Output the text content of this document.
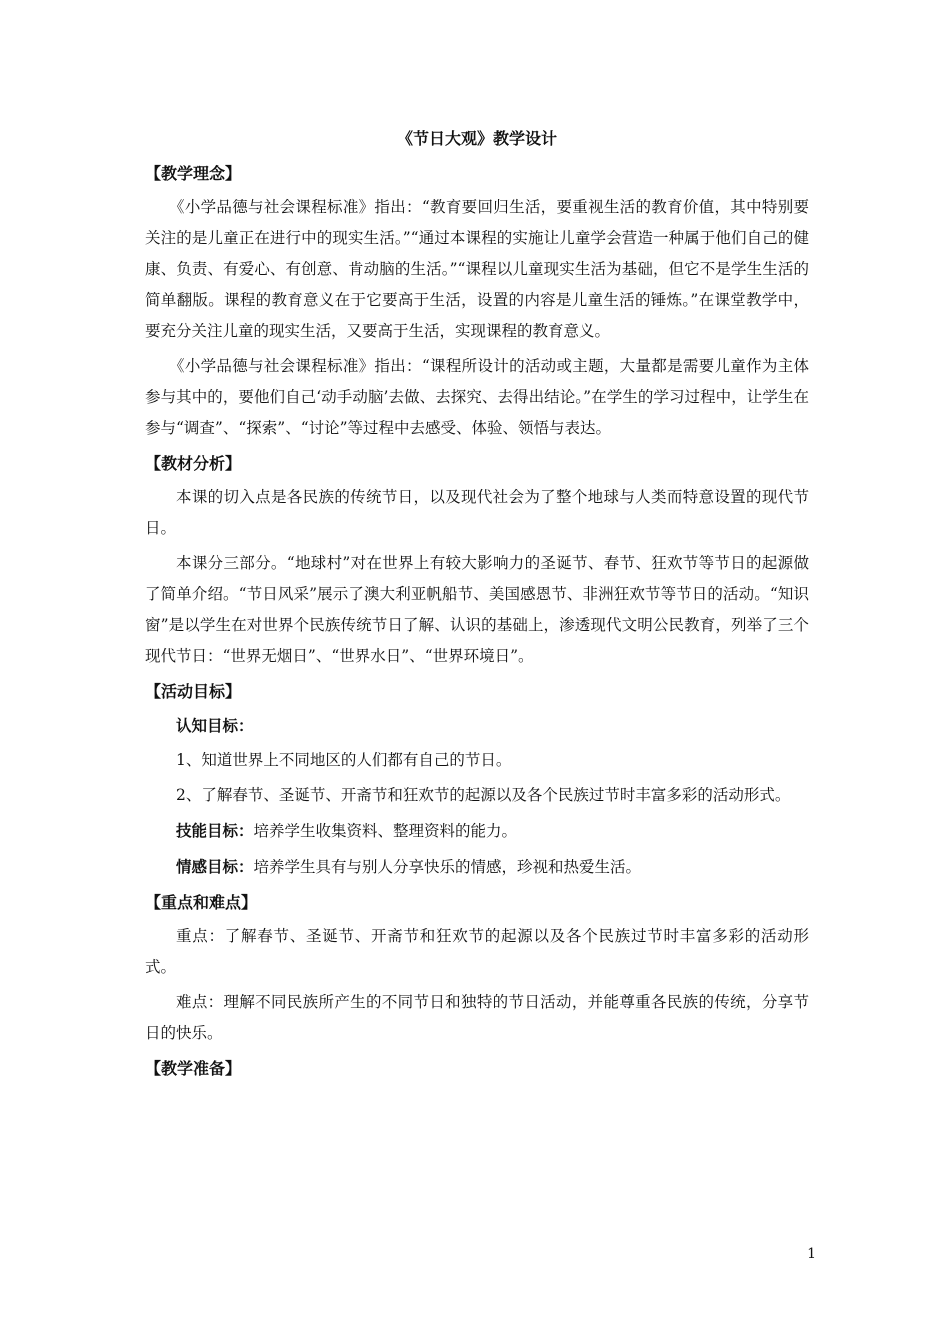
《节日大观》教学设计
【教学理念】
《小学品德与社会课程标准》指出：“教育要回归生活，要重视生活的教育价值，其中特别要关注的是儿童正在进行中的现实生活。”“通过本课程的实施让儿童学会营造一种属于他们自己的健康、负责、有爱心、有创意、肯动脑的生活。”“课程以儿童现实生活为基础，但它不是学生生活的简单翻版。课程的教育意义在于它要高于生活，设置的内容是儿童生活的锤炼。”在课堂教学中，要充分关注儿童的现实生活，又要高于生活，实现课程的教育意义。
《小学品德与社会课程标准》指出：“课程所设计的活动或主题，大量都是需要儿童作为主体参与其中的，要他们自己‘动手动脑’去做、去探究、去得出结论。”在学生的学习过程中，让学生在参与“调查”、“探索”、“讨论”等过程中去感受、体验、领悟与表达。
【教材分析】
本课的切入点是各民族的传统节日，以及现代社会为了整个地球与人类而特意设置的现代节日。
本课分三部分。“地球村”对在世界上有较大影响力的圣诞节、春节、狂欢节等节日的起源做了简单介绍。“节日风采”展示了澳大利亚帆船节、美国感恩节、非洲狂欢节等节日的活动。“知识窗”是以学生在对世界个民族传统节日了解、认识的基础上，渗透现代文明公民教育，列举了三个现代节日：“世界无烟日”、“世界水日”、“世界环境日”。
【活动目标】
认知目标：
1、知道世界上不同地区的人们都有自己的节日。
2、了解春节、圣诞节、开斋节和狂欢节的起源以及各个民族过节时丰富多彩的活动形式。
技能目标：培养学生收集资料、整理资料的能力。
情感目标：培养学生具有与别人分享快乐的情感，珍视和热爱生活。
【重点和难点】
重点：了解春节、圣诞节、开斋节和狂欢节的起源以及各个民族过节时丰富多彩的活动形式。
难点：理解不同民族所产生的不同节日和独特的节日活动，并能尊重各民族的传统，分享节日的快乐。
【教学准备】
1
